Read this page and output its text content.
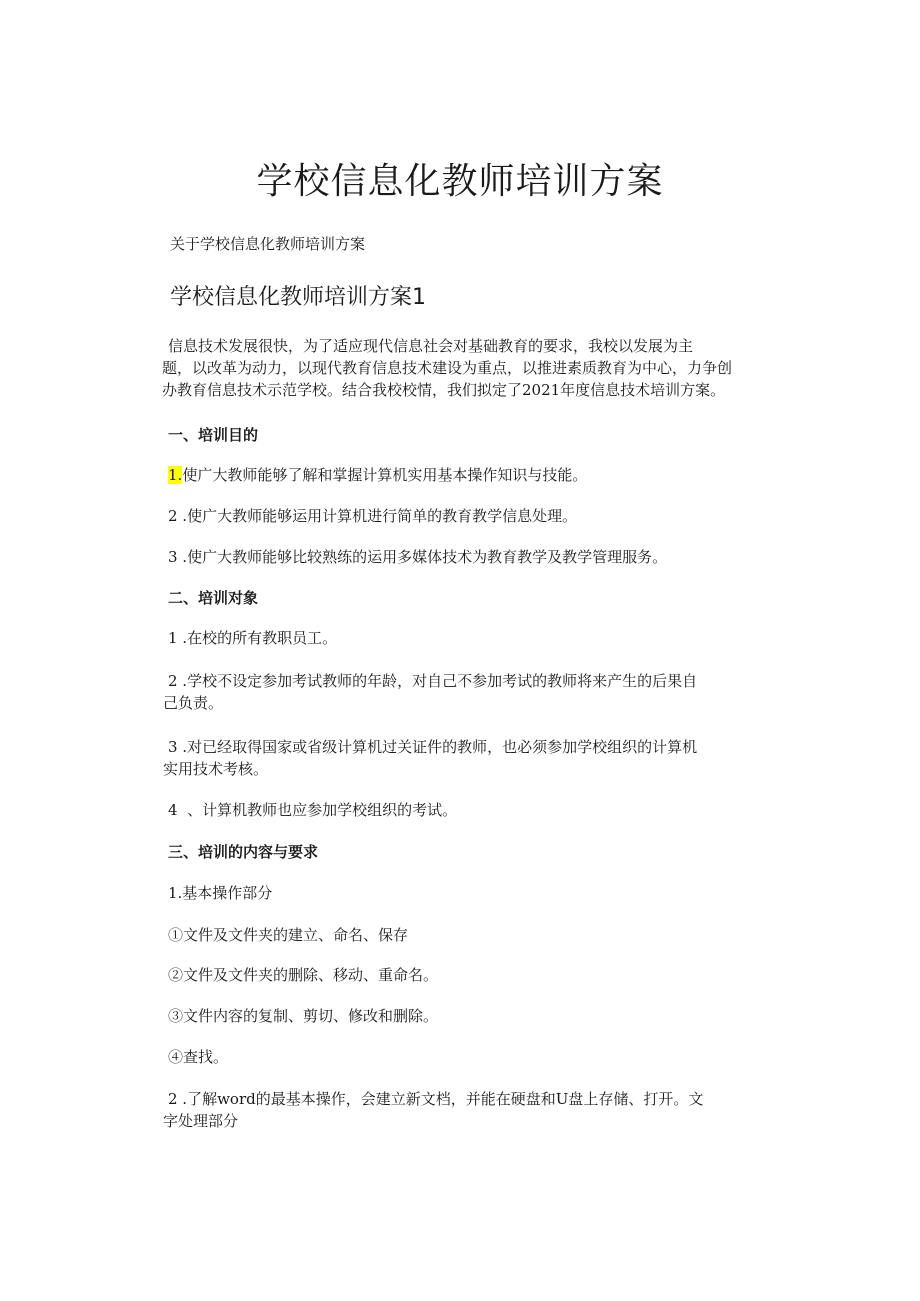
学校信息化教师培训方案
关于学校信息化教师培训方案
学校信息化教师培训方案1
信息技术发展很快，为了适应现代信息社会对基础教育的要求，我校以发展为主
题，以改革为动力，以现代教育信息技术建设为重点，以推进素质教育为中心，力争创
办教育信息技术示范学校。结合我校校情，我们拟定了2021年度信息技术培训方案。
一、培训目的
1.使广大教师能够了解和掌握计算机实用基本操作知识与技能。
2 .使广大教师能够运用计算机进行简单的教育教学信息处理。
3 .使广大教师能够比较熟练的运用多媒体技术为教育教学及教学管理服务。
二、培训对象
1 .在校的所有教职员工。
2 .学校不设定参加考试教师的年龄，对自己不参加考试的教师将来产生的后果自
己负责。
3 .对已经取得国家或省级计算机过关证件的教师，也必须参加学校组织的计算机
实用技术考核。
4  、计算机教师也应参加学校组织的考试。
三、培训的内容与要求
1.基本操作部分
①文件及文件夹的建立、命名、保存
②文件及文件夹的删除、移动、重命名。
③文件内容的复制、剪切、修改和删除。
④查找。
2 .了解word的最基本操作，会建立新文档，并能在硬盘和U盘上存储、打开。文
字处理部分
